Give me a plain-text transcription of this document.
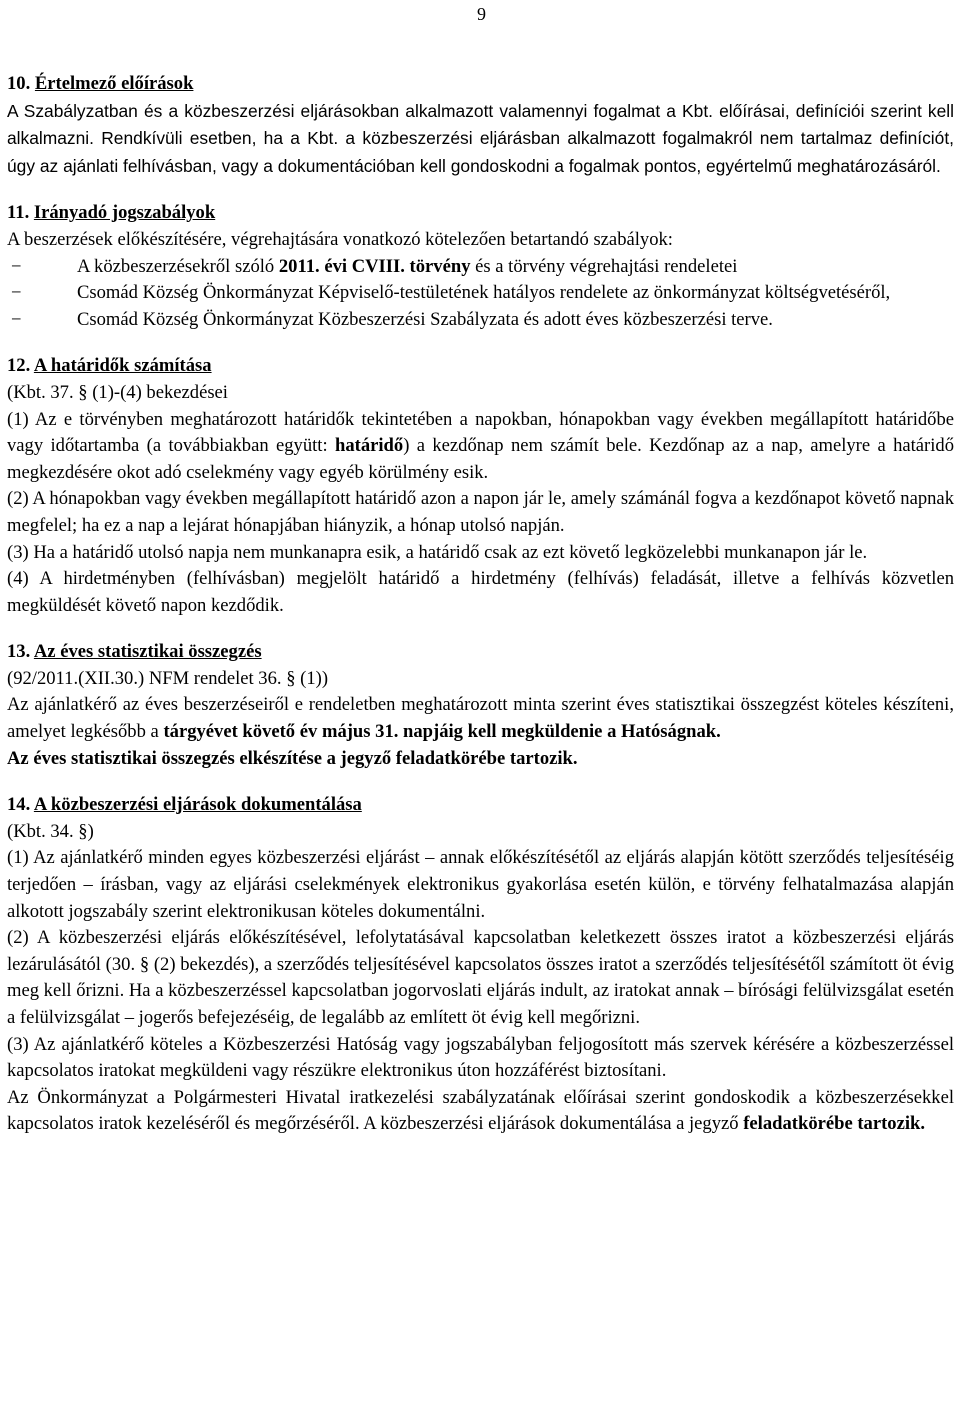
9
10. Értelmező előírások

A Szabályzatban és a közbeszerzési eljárásokban alkalmazott valamennyi fogalmat a Kbt. előírásai, definíciói szerint kell alkalmazni. Rendkívüli esetben, ha a Kbt. a közbeszerzési eljárásban alkalmazott fogalmakról nem tartalmaz definíciót, úgy az ajánlati felhívásban, vagy a dokumentációban kell gondoskodni a fogalmak pontos, egyértelmű meghatározásáról.

11. Irányadó jogszabályok

A beszerzések előkészítésére, végrehajtására vonatkozó kötelezően betartandó szabályok:

−	A közbeszerzésekről szóló 2011. évi CVIII. törvény és a törvény végrehajtási rendeletei
−	Csomád Község Önkormányzat Képviselő-testületének hatályos rendelete az önkormányzat költségvetéséről,
−	Csomád Község Önkormányzat Közbeszerzési Szabályzata és adott éves közbeszerzési terve.
12. A határidők számítása

(Kbt. 37. § (1)-(4) bekezdései

(1) Az e törvényben meghatározott határidők tekintetében a napokban, hónapokban vagy években megállapított határidőbe vagy időtartamba (a továbbiakban együtt: határidő) a kezdőnap nem számít bele. Kezdőnap az a nap, amelyre a határidő megkezdésére okot adó cselekmény vagy egyéb körülmény esik.

(2) A hónapokban vagy években megállapított határidő azon a napon jár le, amely számánál fogva a kezdőnapot követő napnak megfelel; ha ez a nap a lejárat hónapjában hiányzik, a hónap utolsó napján.

(3) Ha a határidő utolsó napja nem munkanapra esik, a határidő csak az ezt követő legközelebbi munkanapon jár le.

(4) A hirdetményben (felhívásban) megjelölt határidő a hirdetmény (felhívás) feladását, illetve a felhívás közvetlen megküldését követő napon kezdődik.

13. Az éves statisztikai összegzés

(92/2011.(XII.30.) NFM rendelet 36. § (1))

Az ajánlatkérő az éves beszerzéseiről e rendeletben meghatározott minta szerint éves statisztikai összegzést köteles készíteni, amelyet legkésőbb a tárgyévet követő év május 31. napjáig kell megküldenie a Hatóságnak.

Az éves statisztikai összegzés elkészítése a jegyző feladatkörébe tartozik.

14. A közbeszerzési eljárások dokumentálása

(Kbt. 34. §)

(1) Az ajánlatkérő minden egyes közbeszerzési eljárást – annak előkészítésétől az eljárás alapján kötött szerződés teljesítéséig terjedően – írásban, vagy az eljárási cselekmények elektronikus gyakorlása esetén külön, e törvény felhatalmazása alapján alkotott jogszabály szerint elektronikusan köteles dokumentálni.

(2) A közbeszerzési eljárás előkészítésével, lefolytatásával kapcsolatban keletkezett összes iratot a közbeszerzési eljárás lezárulásától (30. § (2) bekezdés), a szerződés teljesítésével kapcsolatos összes iratot a szerződés teljesítésétől számított öt évig meg kell őrizni. Ha a közbeszerzéssel kapcsolatban jogorvoslati eljárás indult, az iratokat annak – bírósági felülvizsgálat esetén a felülvizsgálat – jogerős befejezéséig, de legalább az említett öt évig kell megőrizni.

(3) Az ajánlatkérő köteles a Közbeszerzési Hatóság vagy jogszabályban feljogosított más szervek kérésére a közbeszerzéssel kapcsolatos iratokat megküldeni vagy részükre elektronikus úton hozzáférést biztosítani.

Az Önkormányzat a Polgármesteri Hivatal iratkezelési szabályzatának előírásai szerint gondoskodik a közbeszerzésekkel kapcsolatos iratok kezeléséről és megőrzéséről. A közbeszerzési eljárások dokumentálása a jegyző feladatkörébe tartozik.
